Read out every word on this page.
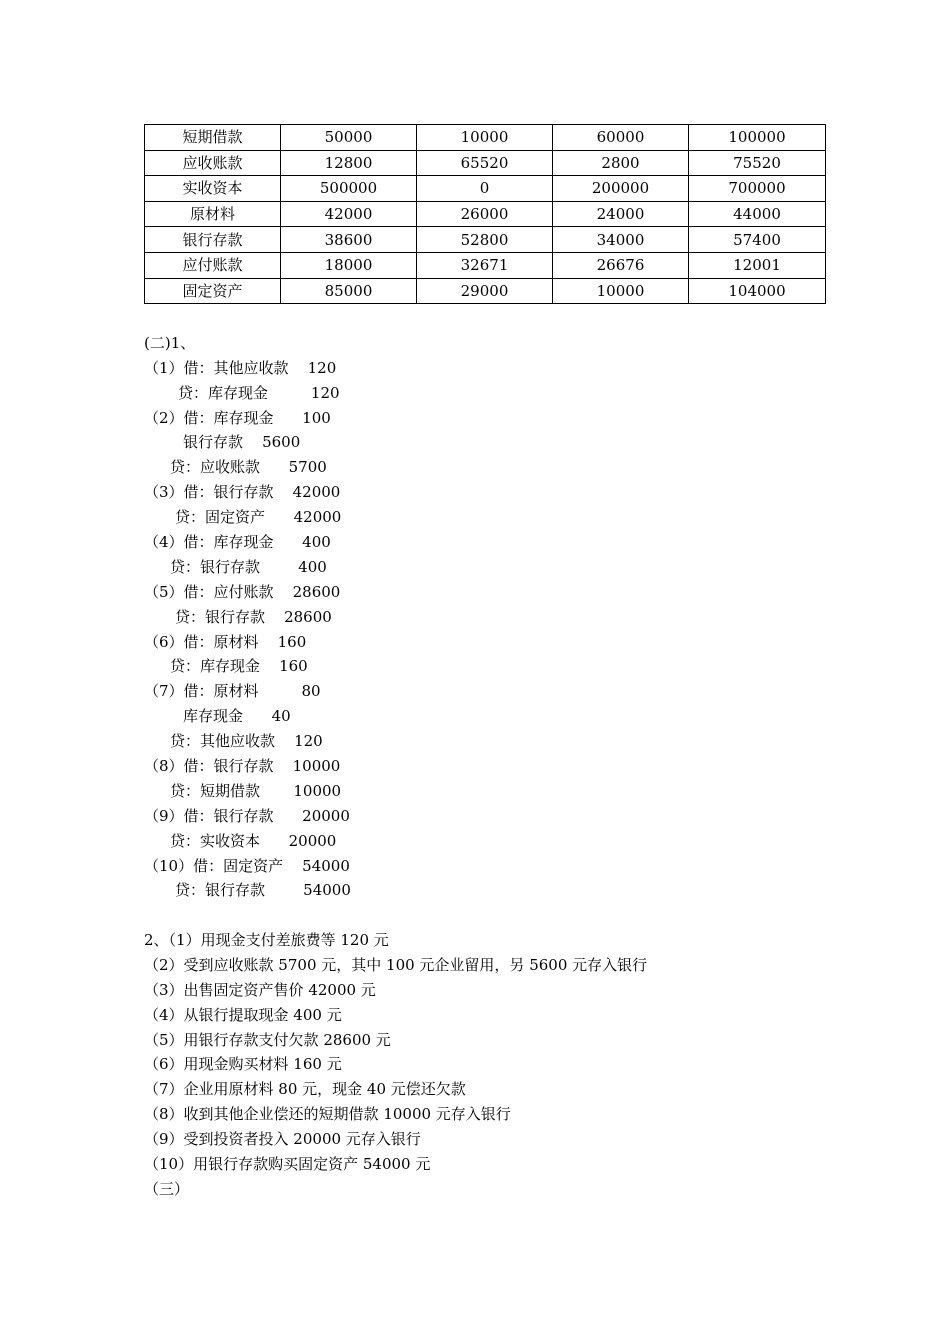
短期借款	50000	10000	60000	100000
应收账款	12800	65520	2800	75520
实收资本	500000	0	200000	700000
原材料	42000	26000	24000	44000
银行存款	38600	52800	34000	57400
应付账款	18000	32671	26676	12001
固定资产	85000	29000	10000	104000
(二)1、
（1）借：其他应收款    120
贷：库存现金         120
（2）借：库存现金      100
银行存款    5600
贷：应收账款      5700
（3）借：银行存款    42000
贷：固定资产      42000
（4）借：库存现金      400
贷：银行存款        400
（5）借：应付账款    28600
贷：银行存款    28600
（6）借：原材料    160
贷：库存现金    160
（7）借：原材料         80
库存现金      40
贷：其他应收款    120
（8）借：银行存款    10000
贷：短期借款       10000
（9）借：银行存款      20000
贷：实收资本      20000
（10）借：固定资产    54000
贷：银行存款        54000
2、（1）用现金支付差旅费等 120 元
（2）受到应收账款 5700 元，其中 100 元企业留用，另 5600 元存入银行
（3）出售固定资产售价 42000 元
（4）从银行提取现金 400 元
（5）用银行存款支付欠款 28600 元
（6）用现金购买材料 160 元
（7）企业用原材料 80 元，现金 40 元偿还欠款
（8）收到其他企业偿还的短期借款 10000 元存入银行
（9）受到投资者投入 20000 元存入银行
（10）用银行存款购买固定资产 54000 元
（三）
